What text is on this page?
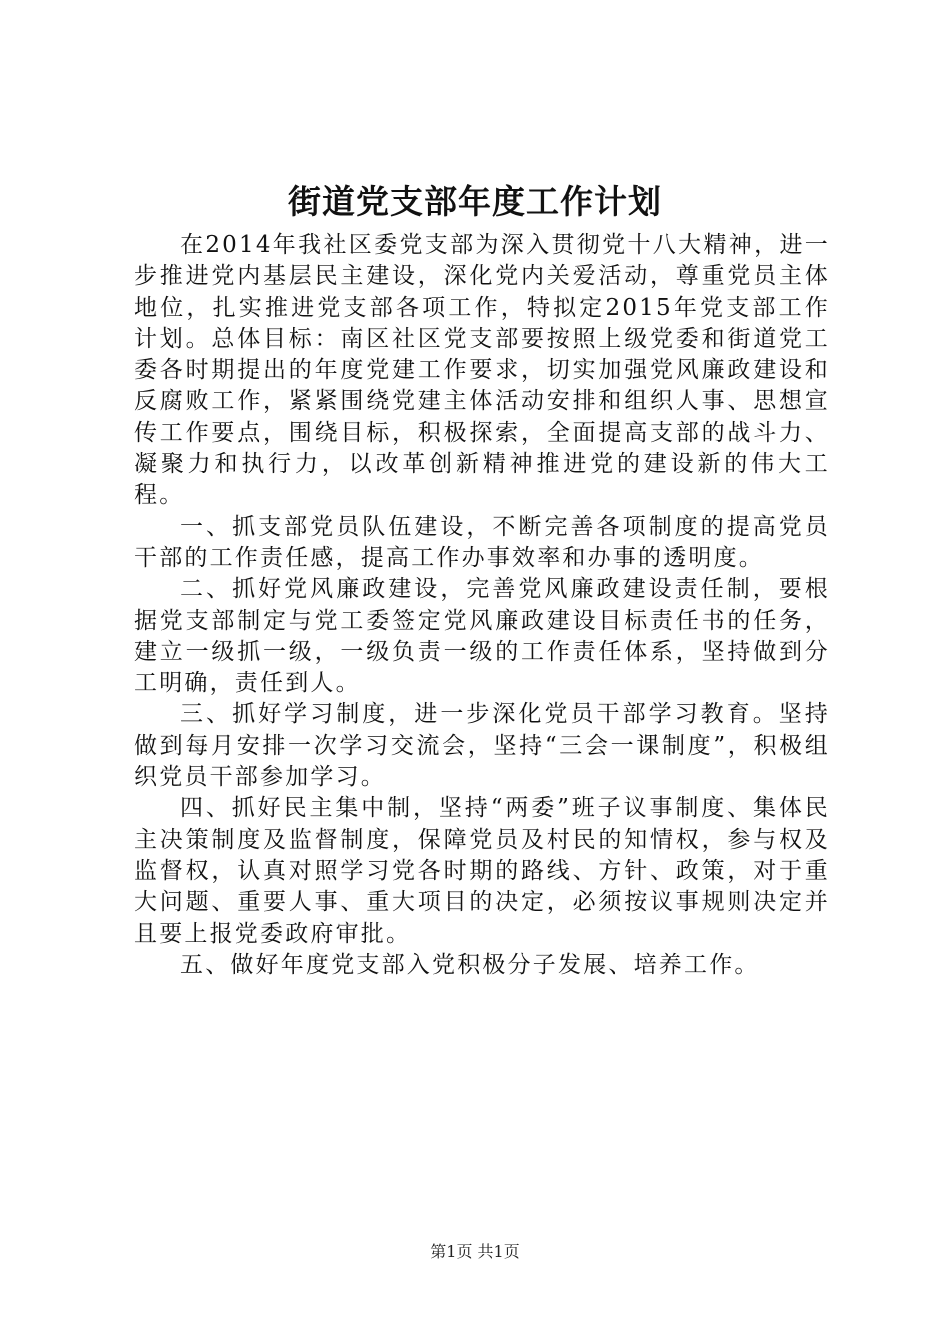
街道党支部年度工作计划

在2014年我社区委党支部为深入贯彻党十八大精神，进一步推进党内基层民主建设，深化党内关爱活动，尊重党员主体地位，扎实推进党支部各项工作，特拟定2015年党支部工作计划。总体目标：南区社区党支部要按照上级党委和街道党工委各时期提出的年度党建工作要求，切实加强党风廉政建设和反腐败工作，紧紧围绕党建主体活动安排和组织人事、思想宣传工作要点，围绕目标，积极探索，全面提高支部的战斗力、凝聚力和执行力，以改革创新精神推进党的建设新的伟大工程。

一、抓支部党员队伍建设，不断完善各项制度的提高党员干部的工作责任感，提高工作办事效率和办事的透明度。

二、抓好党风廉政建设，完善党风廉政建设责任制，要根据党支部制定与党工委签定党风廉政建设目标责任书的任务，建立一级抓一级，一级负责一级的工作责任体系，坚持做到分工明确，责任到人。

三、抓好学习制度，进一步深化党员干部学习教育。坚持做到每月安排一次学习交流会，坚持“三会一课制度”，积极组织党员干部参加学习。

四、抓好民主集中制，坚持“两委”班子议事制度、集体民主决策制度及监督制度，保障党员及村民的知情权，参与权及监督权，认真对照学习党各时期的路线、方针、政策，对于重大问题、重要人事、重大项目的决定，必须按议事规则决定并且要上报党委政府审批。

五、做好年度党支部入党积极分子发展、培养工作。

第1页 共1页
